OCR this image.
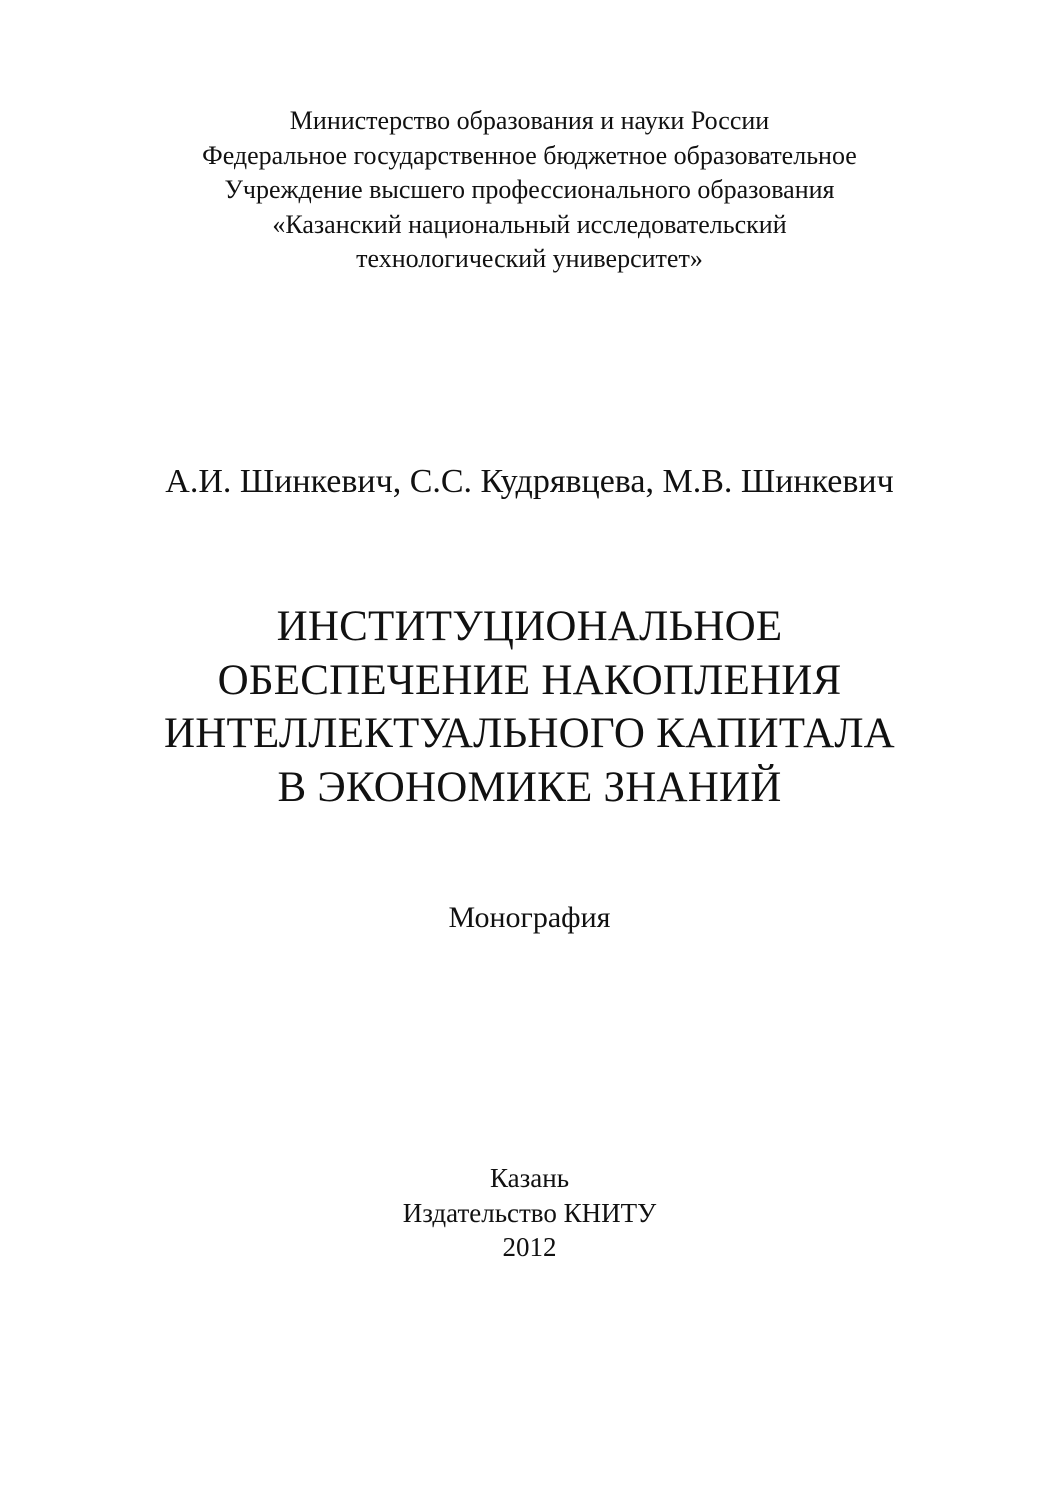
Министерство образования и науки России
Федеральное государственное бюджетное образовательное
Учреждение высшего профессионального образования
«Казанский национальный исследовательский
технологический университет»
А.И. Шинкевич, С.С. Кудрявцева, М.В. Шинкевич
ИНСТИТУЦИОНАЛЬНОЕ
ОБЕСПЕЧЕНИЕ НАКОПЛЕНИЯ
ИНТЕЛЛЕКТУАЛЬНОГО КАПИТАЛА
В ЭКОНОМИКЕ ЗНАНИЙ
Монография
Казань
Издательство КНИТУ
2012
